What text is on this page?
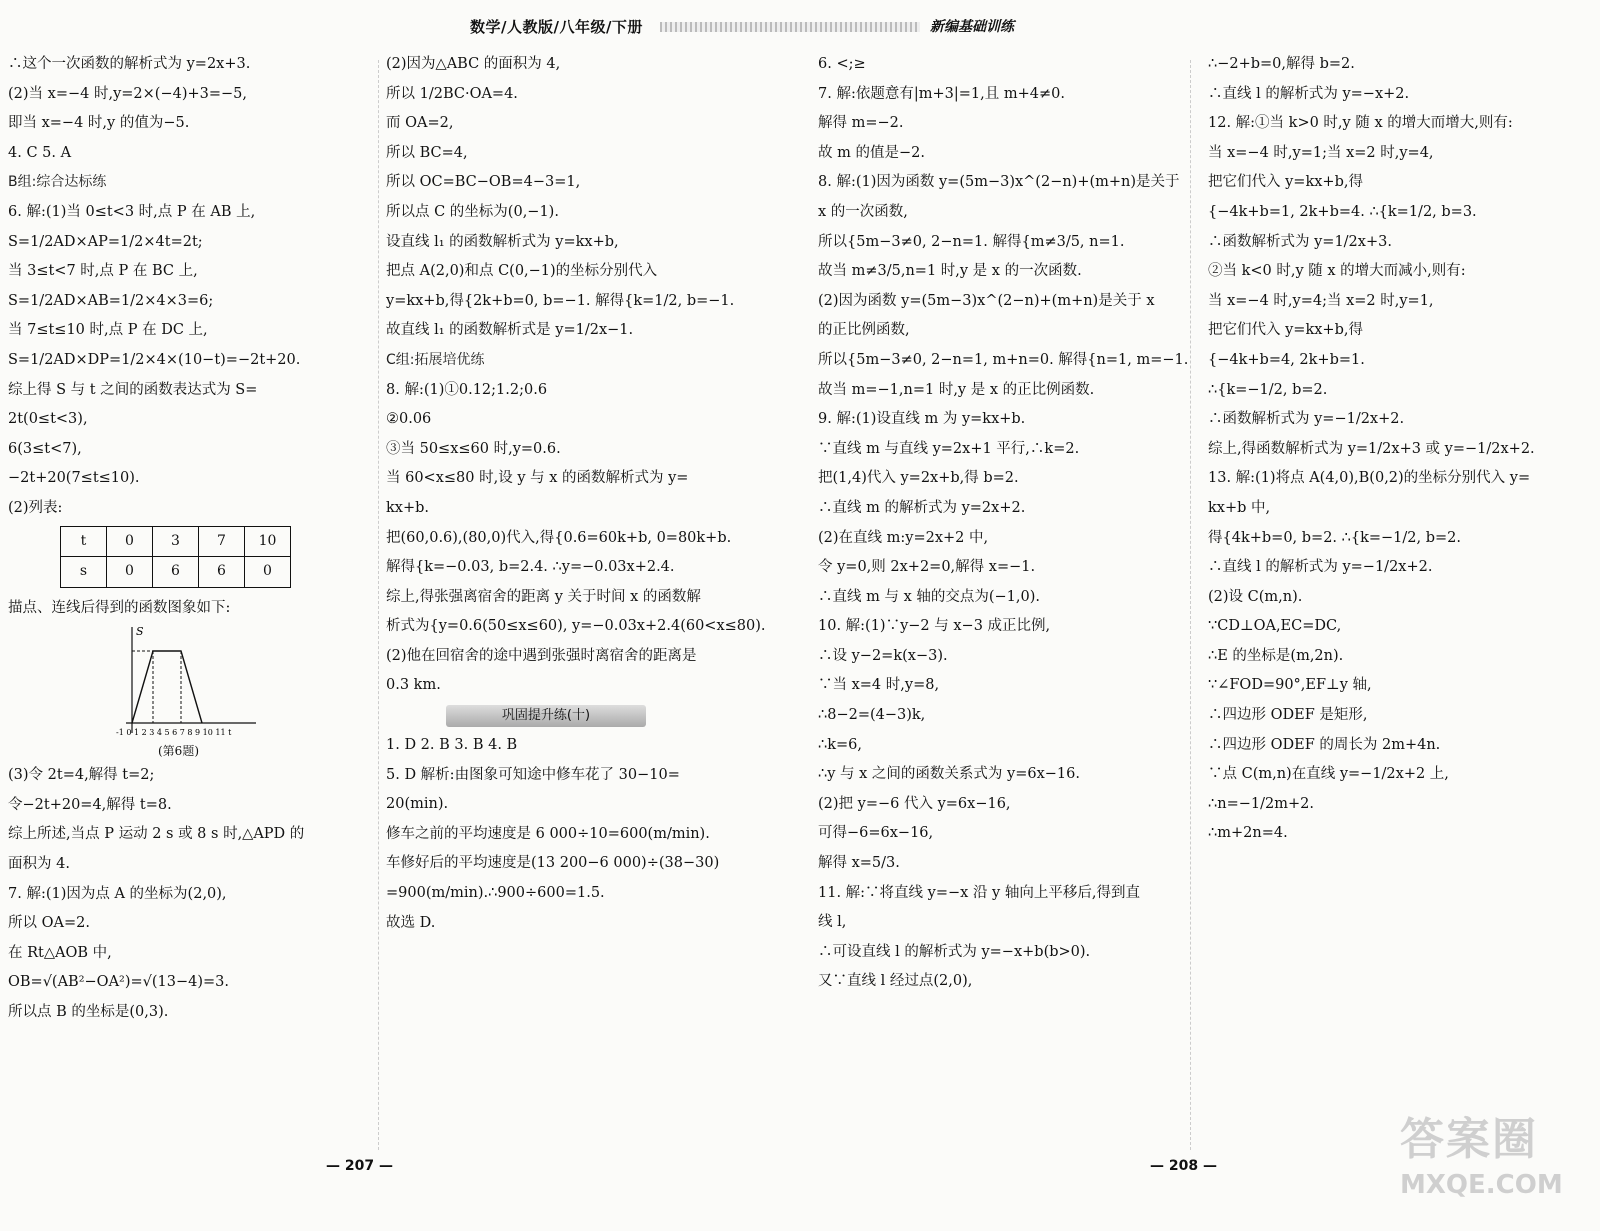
数学/人教版/八年级/下册	新编基础训练
∴这个一次函数的解析式为 y=2x+3.
(2)当 x=−4 时,y=2×(−4)+3=−5,
即当 x=−4 时,y 的值为−5.
4. C 5. A
B组:综合达标练
6. 解:(1)当 0≤t<3 时,点 P 在 AB 上,
S=1/2AD×AP=1/2×4t=2t;
当 3≤t<7 时,点 P 在 BC 上,
S=1/2AD×AB=1/2×4×3=6;
当 7≤t≤10 时,点 P 在 DC 上,
S=1/2AD×DP=1/2×4×(10−t)=−2t+20.
综上得 S 与 t 之间的函数表达式为 S=
2t(0≤t<3),
6(3≤t<7),
−2t+20(7≤t≤10).
(2)列表:
t	0	3	7	10
s	0	6	6	0
描点、连线后得到的函数图象如下:
S
-1 0 1 2 3 4 5 6 7 8 9 10 11 t
(第6题)
(3)令 2t=4,解得 t=2;
令−2t+20=4,解得 t=8.
综上所述,当点 P 运动 2 s 或 8 s 时,△APD 的
面积为 4.
7. 解:(1)因为点 A 的坐标为(2,0),
所以 OA=2.
在 Rt△AOB 中,
OB=√(AB²−OA²)=√(13−4)=3.
所以点 B 的坐标是(0,3).
(2)因为△ABC 的面积为 4,
所以 1/2BC·OA=4.
而 OA=2,
所以 BC=4,
所以 OC=BC−OB=4−3=1,
所以点 C 的坐标为(0,−1).
设直线 l₁ 的函数解析式为 y=kx+b,
把点 A(2,0)和点 C(0,−1)的坐标分别代入
y=kx+b,得{2k+b=0, b=−1. 解得{k=1/2, b=−1.
故直线 l₁ 的函数解析式是 y=1/2x−1.
C组:拓展培优练
8. 解:(1)①0.12;1.2;0.6
②0.06
③当 50≤x≤60 时,y=0.6.
当 60<x≤80 时,设 y 与 x 的函数解析式为 y=
kx+b.
把(60,0.6),(80,0)代入,得{0.6=60k+b, 0=80k+b.
解得{k=−0.03, b=2.4. ∴y=−0.03x+2.4.
综上,得张强离宿舍的距离 y 关于时间 x 的函数解
析式为{y=0.6(50≤x≤60), y=−0.03x+2.4(60<x≤80).
(2)他在回宿舍的途中遇到张强时离宿舍的距离是
0.3 km.
巩固提升练(十)
1. D 2. B 3. B 4. B
5. D 解析:由图象可知途中修车花了 30−10=
20(min).
修车之前的平均速度是 6 000÷10=600(m/min).
车修好后的平均速度是(13 200−6 000)÷(38−30)
=900(m/min).∴900÷600=1.5.
故选 D.
6. <;≥
7. 解:依题意有|m+3|=1,且 m+4≠0.
解得 m=−2.
故 m 的值是−2.
8. 解:(1)因为函数 y=(5m−3)x^(2−n)+(m+n)是关于
x 的一次函数,
所以{5m−3≠0, 2−n=1. 解得{m≠3/5, n=1.
故当 m≠3/5,n=1 时,y 是 x 的一次函数.
(2)因为函数 y=(5m−3)x^(2−n)+(m+n)是关于 x
的正比例函数,
所以{5m−3≠0, 2−n=1, m+n=0. 解得{n=1, m=−1.
故当 m=−1,n=1 时,y 是 x 的正比例函数.
9. 解:(1)设直线 m 为 y=kx+b.
∵直线 m 与直线 y=2x+1 平行,∴k=2.
把(1,4)代入 y=2x+b,得 b=2.
∴直线 m 的解析式为 y=2x+2.
(2)在直线 m:y=2x+2 中,
令 y=0,则 2x+2=0,解得 x=−1.
∴直线 m 与 x 轴的交点为(−1,0).
10. 解:(1)∵y−2 与 x−3 成正比例,
∴设 y−2=k(x−3).
∵当 x=4 时,y=8,
∴8−2=(4−3)k,
∴k=6,
∴y 与 x 之间的函数关系式为 y=6x−16.
(2)把 y=−6 代入 y=6x−16,
可得−6=6x−16,
解得 x=5/3.
11. 解:∵将直线 y=−x 沿 y 轴向上平移后,得到直
线 l,
∴可设直线 l 的解析式为 y=−x+b(b>0).
又∵直线 l 经过点(2,0),
∴−2+b=0,解得 b=2.
∴直线 l 的解析式为 y=−x+2.
12. 解:①当 k>0 时,y 随 x 的增大而增大,则有:
当 x=−4 时,y=1;当 x=2 时,y=4,
把它们代入 y=kx+b,得
{−4k+b=1, 2k+b=4. ∴{k=1/2, b=3.
∴函数解析式为 y=1/2x+3.
②当 k<0 时,y 随 x 的增大而减小,则有:
当 x=−4 时,y=4;当 x=2 时,y=1,
把它们代入 y=kx+b,得
{−4k+b=4, 2k+b=1.
∴{k=−1/2, b=2.
∴函数解析式为 y=−1/2x+2.
综上,得函数解析式为 y=1/2x+3 或 y=−1/2x+2.
13. 解:(1)将点 A(4,0),B(0,2)的坐标分别代入 y=
kx+b 中,
得{4k+b=0, b=2. ∴{k=−1/2, b=2.
∴直线 l 的解析式为 y=−1/2x+2.
(2)设 C(m,n).
∵CD⊥OA,EC=DC,
∴E 的坐标是(m,2n).
∵∠FOD=90°,EF⊥y 轴,
∴四边形 ODEF 是矩形,
∴四边形 ODEF 的周长为 2m+4n.
∵点 C(m,n)在直线 y=−1/2x+2 上,
∴n=−1/2m+2.
∴m+2n=4.
— 207 —	— 208 —
答案圈
MXQE.COM
